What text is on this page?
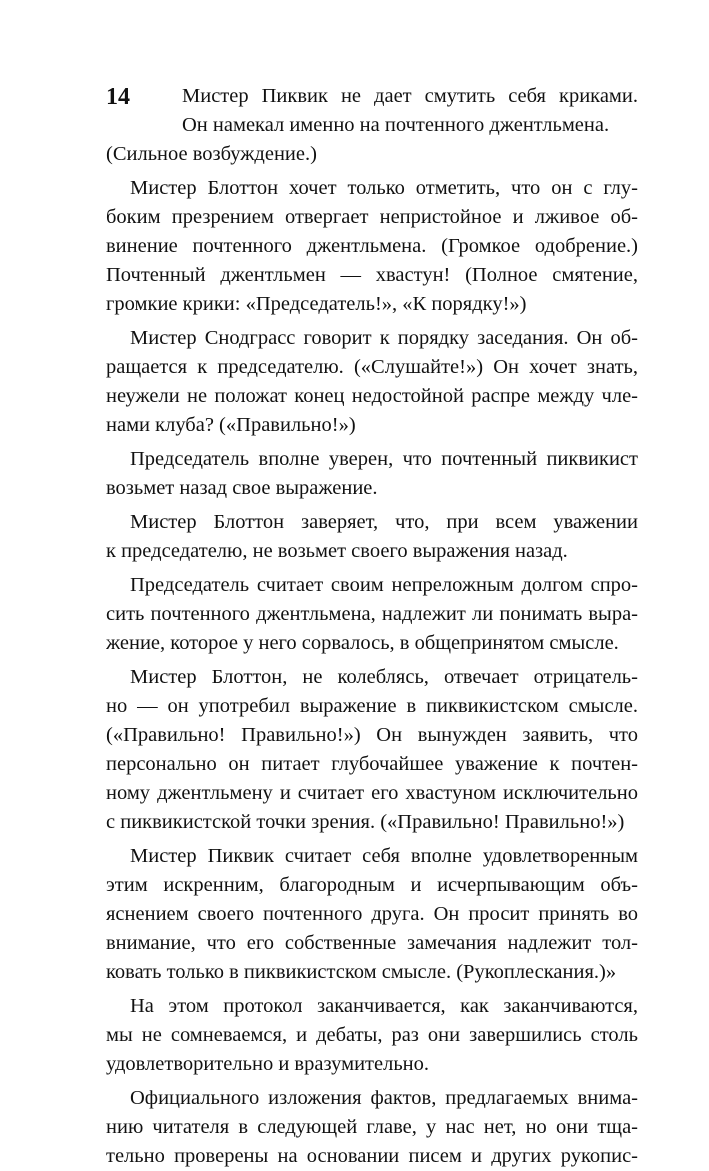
14	Мистер Пиквик не дает смутить себя криками.
Он намекал именно на почтенного джентльмена.
(Сильное возбуждение.)
Мистер Блоттон хочет только отметить, что он с глу-
боким презрением отвергает непристойное и лживое об-
винение почтенного джентльмена. (Громкое одобрение.)
Почтенный джентльмен — хвастун! (Полное смятение,
громкие крики: «Председатель!», «К порядку!»)
Мистер Снодграсс говорит к порядку заседания. Он об-
ращается к председателю. («Слушайте!») Он хочет знать,
неужели не положат конец недостойной распре между чле-
нами клуба? («Правильно!»)
Председатель вполне уверен, что почтенный пиквикист
возьмет назад свое выражение.
Мистер Блоттон заверяет, что, при всем уважении
к председателю, не возьмет своего выражения назад.
Председатель считает своим непреложным долгом спро-
сить почтенного джентльмена, надлежит ли понимать выра-
жение, которое у него сорвалось, в общепринятом смысле.
Мистер Блоттон, не колеблясь, отвечает отрицатель-
но — он употребил выражение в пиквикистском смысле.
(«Правильно! Правильно!») Он вынужден заявить, что
персонально он питает глубочайшее уважение к почтен-
ному джентльмену и считает его хвастуном исключительно
с пиквикистской точки зрения. («Правильно! Правильно!»)
Мистер Пиквик считает себя вполне удовлетворенным
этим искренним, благородным и исчерпывающим объ-
яснением своего почтенного друга. Он просит принять во
внимание, что его собственные замечания надлежит тол-
ковать только в пиквикистском смысле. (Рукоплескания.)»
На этом протокол заканчивается, как заканчиваются,
мы не сомневаемся, и дебаты, раз они завершились столь
удовлетворительно и вразумительно.
Официального изложения фактов, предлагаемых внима-
нию читателя в следующей главе, у нас нет, но они тща-
тельно проверены на основании писем и других рукопис-
